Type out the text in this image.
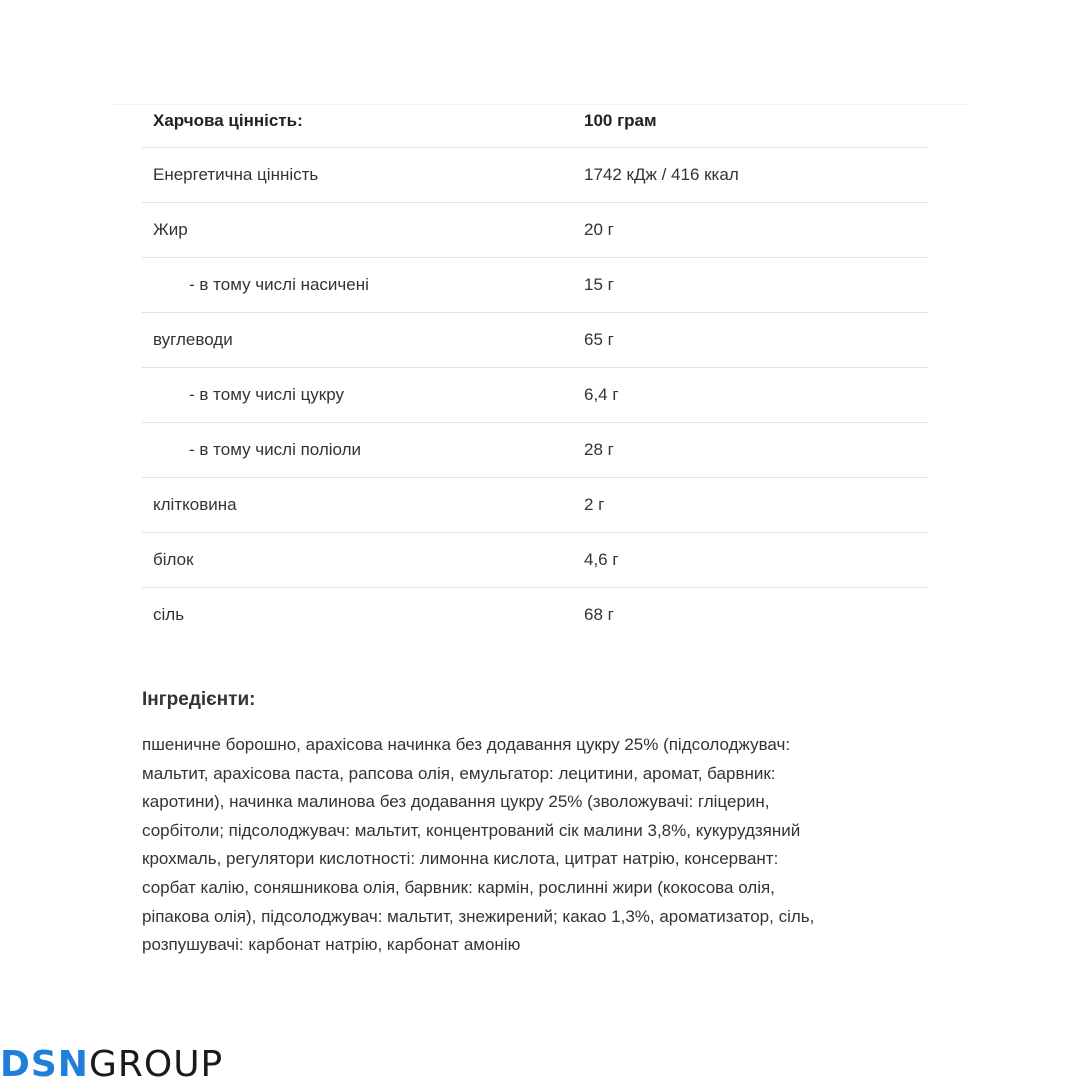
Харчова цінність:	100 грам
Енергетична цінність	1742 кДж / 416 ккал
Жир	20 г
- в тому числі насичені	15 г
вуглеводи	65 г
- в тому числі цукру	6,4 г
- в тому числі поліоли	28 г
клітковина	2 г
білок	4,6 г
сіль	68 г
Інгредієнти:
пшеничне борошно, арахісова начинка без додавання цукру 25% (підсолоджувач:
мальтит, арахісова паста, рапсова олія, емульгатор: лецитини, аромат, барвник:
каротини), начинка малинова без додавання цукру 25% (зволожувачі: гліцерин,
сорбітоли; підсолоджувач: мальтит, концентрований сік малини 3,8%, кукурудзяний
крохмаль, регулятори кислотності: лимонна кислота, цитрат натрію, консервант:
сорбат калію, соняшникова олія, барвник: кармін, рослинні жири (кокосова олія,
ріпакова олія), підсолоджувач: мальтит, знежирений; какао 1,3%, ароматизатор, сіль,
розпушувачі: карбонат натрію, карбонат амонію
DSN GROUP
